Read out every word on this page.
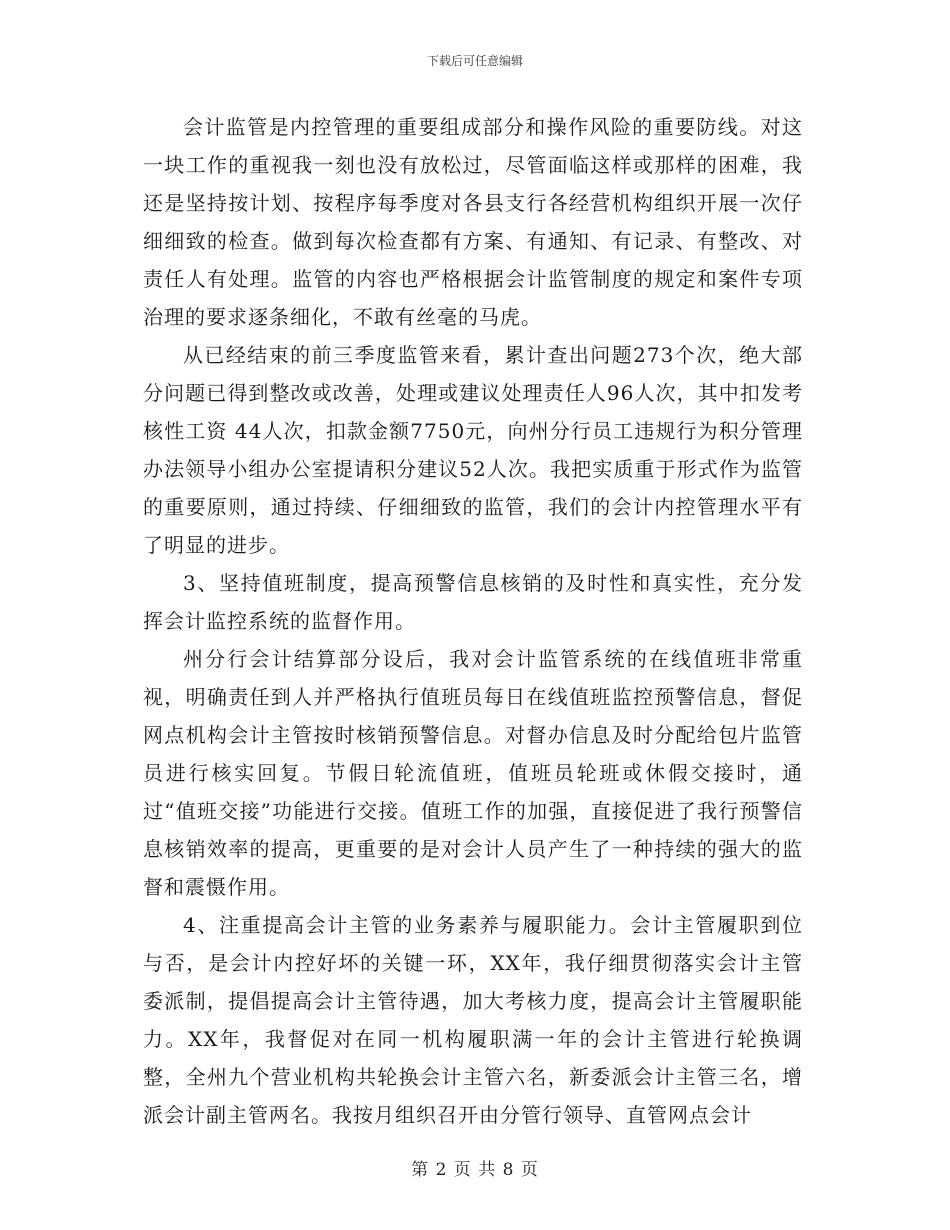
下载后可任意编辑

会计监管是内控管理的重要组成部分和操作风险的重要防线。对这一块工作的重视我一刻也没有放松过，尽管面临这样或那样的困难，我还是坚持按计划、按程序每季度对各县支行各经营机构组织开展一次仔细细致的检查。做到每次检查都有方案、有通知、有记录、有整改、对责任人有处理。监管的内容也严格根据会计监管制度的规定和案件专项治理的要求逐条细化，不敢有丝毫的马虎。

从已经结束的前三季度监管来看，累计查出问题273个次，绝大部分问题已得到整改或改善，处理或建议处理责任人96人次，其中扣发考核性工资 44人次，扣款金额7750元，向州分行员工违规行为积分管理办法领导小组办公室提请积分建议52人次。我把实质重于形式作为监管的重要原则，通过持续、仔细细致的监管，我们的会计内控管理水平有了明显的进步。

3、坚持值班制度，提高预警信息核销的及时性和真实性，充分发挥会计监控系统的监督作用。

州分行会计结算部分设后，我对会计监管系统的在线值班非常重视，明确责任到人并严格执行值班员每日在线值班监控预警信息，督促网点机构会计主管按时核销预警信息。对督办信息及时分配给包片监管员进行核实回复。节假日轮流值班，值班员轮班或休假交接时，通过“值班交接”功能进行交接。值班工作的加强，直接促进了我行预警信息核销效率的提高，更重要的是对会计人员产生了一种持续的强大的监督和震慑作用。

4、注重提高会计主管的业务素养与履职能力。会计主管履职到位与否，是会计内控好坏的关键一环，XX年，我仔细贯彻落实会计主管委派制，提倡提高会计主管待遇，加大考核力度，提高会计主管履职能力。XX年，我督促对在同一机构履职满一年的会计主管进行轮换调整，全州九个营业机构共轮换会计主管六名，新委派会计主管三名，增派会计副主管两名。我按月组织召开由分管行领导、直管网点会计

第 2 页 共 8 页
